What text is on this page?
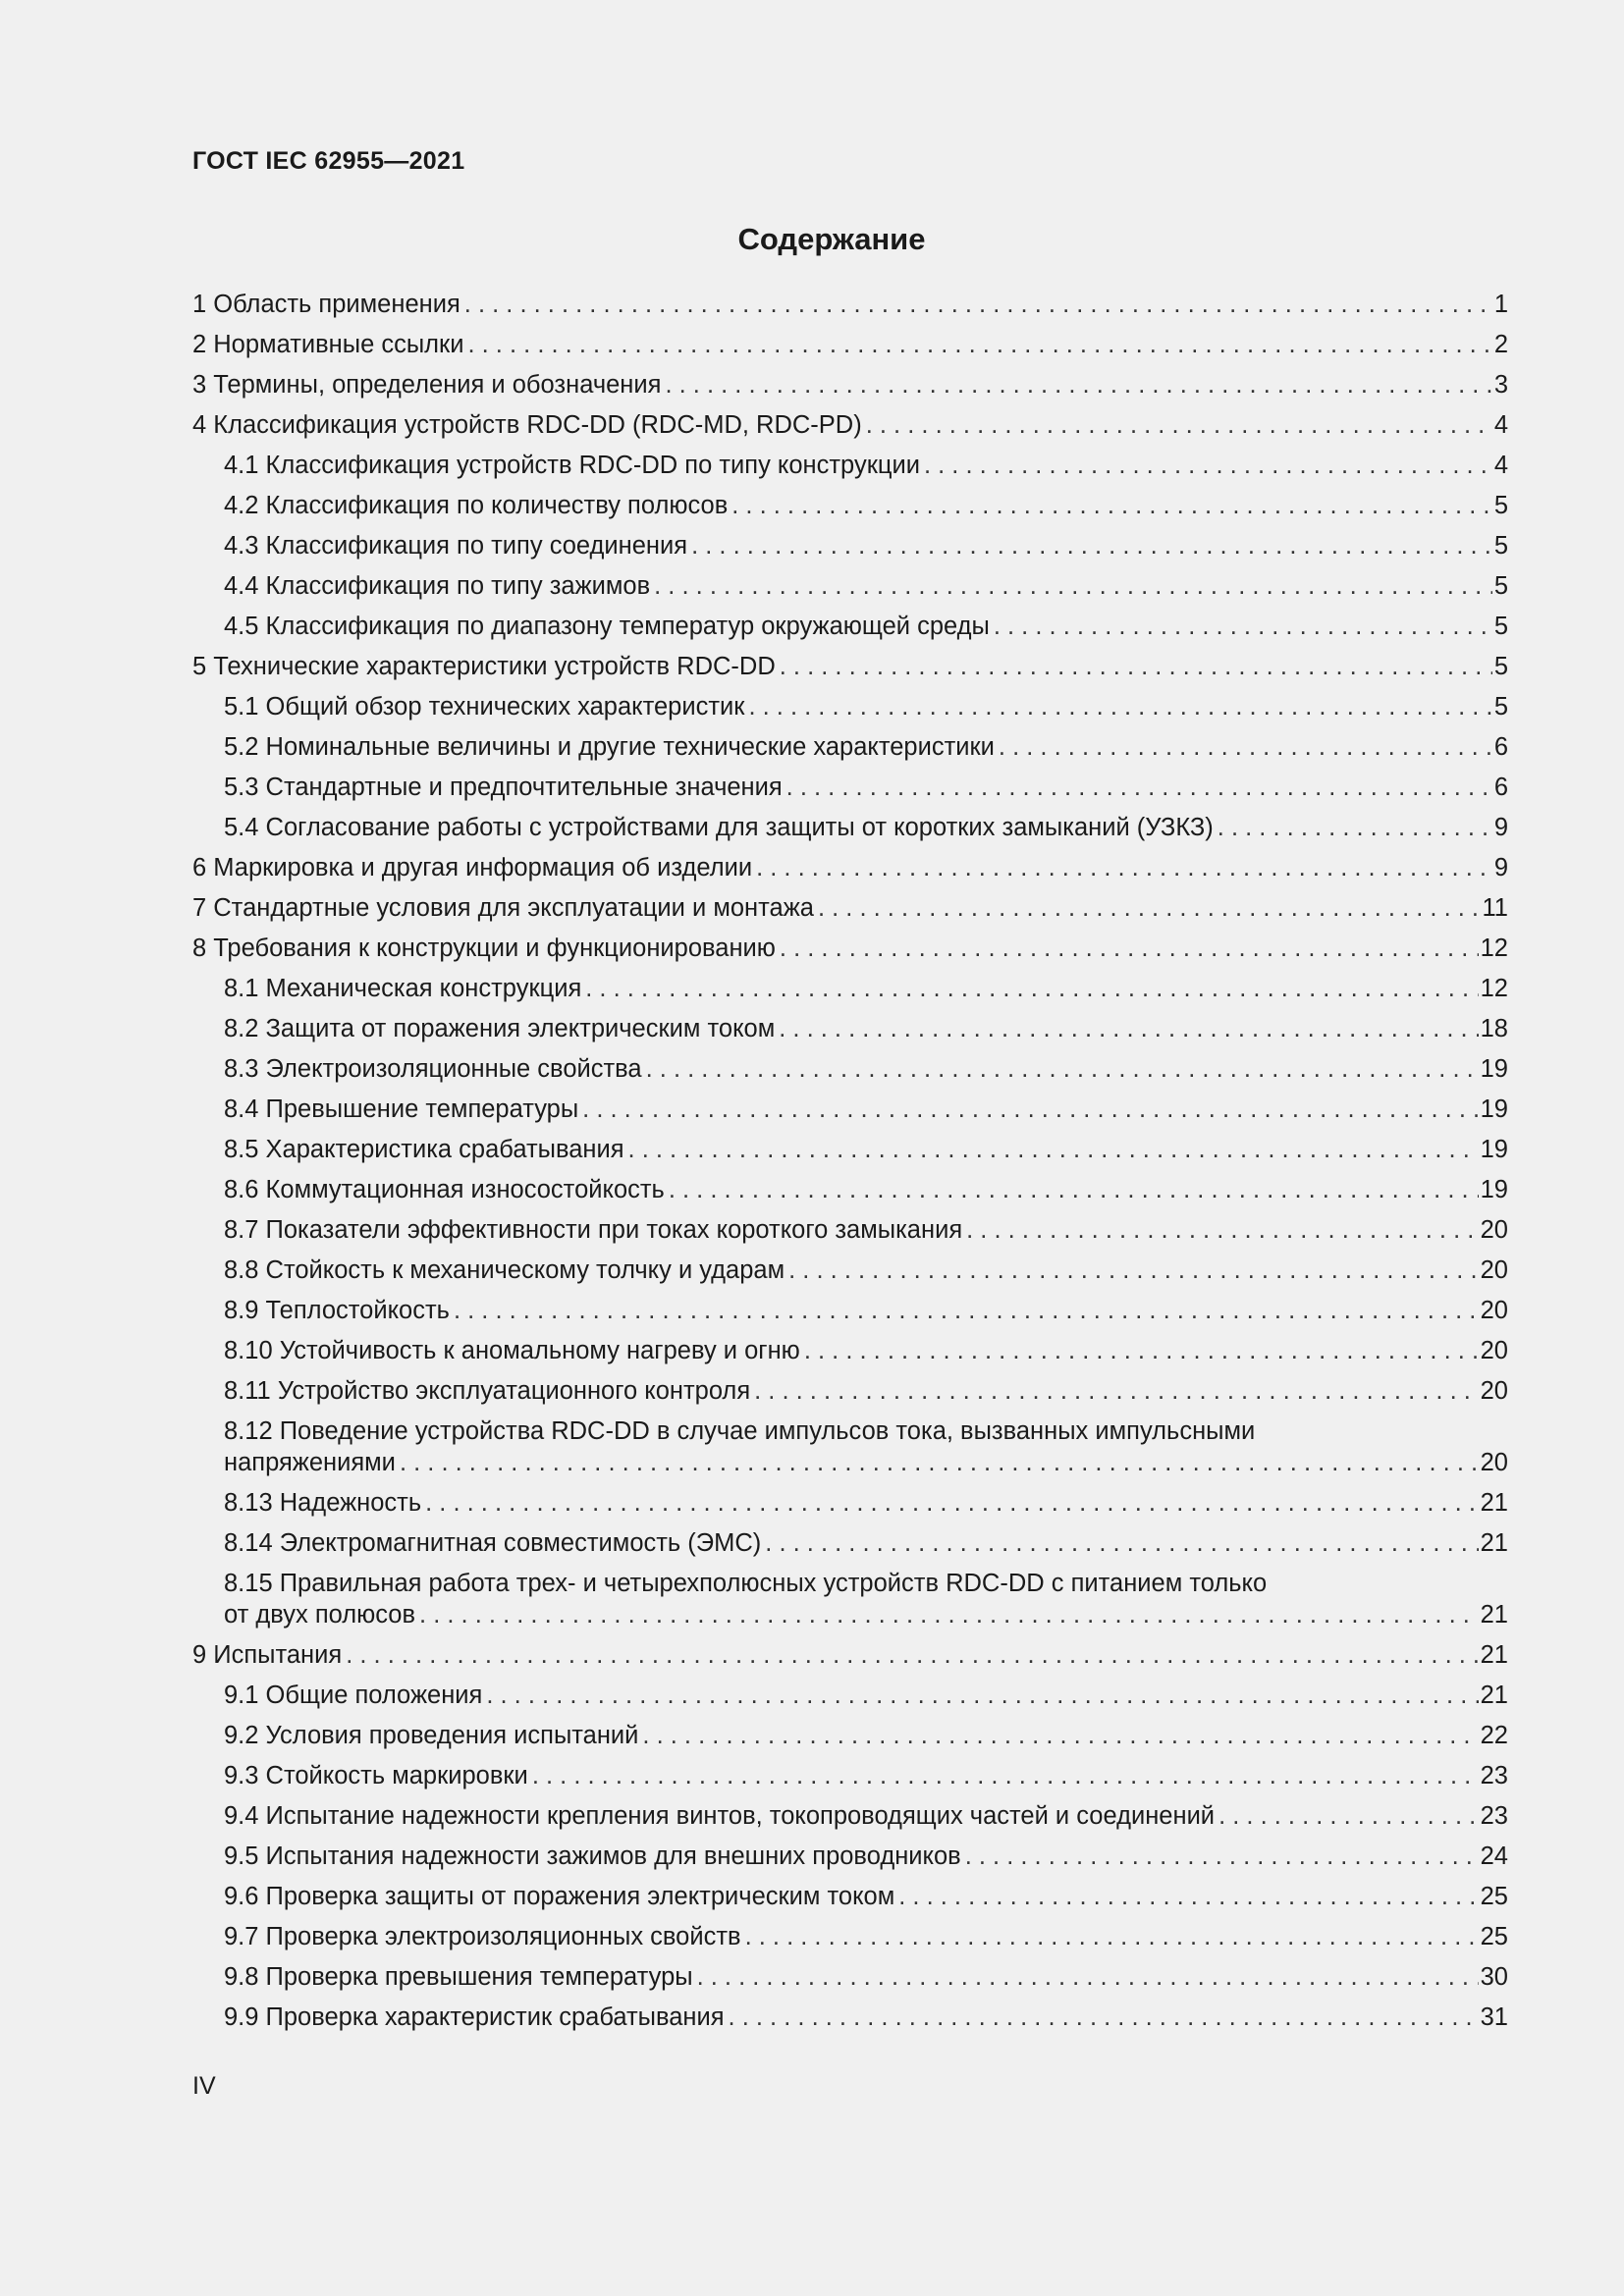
ГОСТ IEC 62955—2021
Содержание
1 Область применения . . .	1
2 Нормативные ссылки . . .	2
3 Термины, определения и обозначения . . .	3
4 Классификация устройств RDC-DD (RDC-MD, RDC-PD) . . .	4
4.1 Классификация устройств RDC-DD по типу конструкции . . .	4
4.2 Классификация по количеству полюсов . . .	5
4.3 Классификация по типу соединения . . .	5
4.4 Классификация по типу зажимов . . .	5
4.5 Классификация по диапазону температур окружающей среды . . .	5
5 Технические характеристики устройств RDC-DD . . .	5
5.1 Общий обзор технических характеристик . . .	5
5.2 Номинальные величины и другие технические характеристики . . .	6
5.3 Стандартные и предпочтительные значения . . .	6
5.4 Согласование работы с устройствами для защиты от коротких замыканий (УЗКЗ) . . .	9
6 Маркировка и другая информация об изделии . . .	9
7 Стандартные условия для эксплуатации и монтажа . . .	11
8 Требования к конструкции и функционированию . . .	12
8.1 Механическая конструкция . . .	12
8.2 Защита от поражения электрическим током . . .	18
8.3 Электроизоляционные свойства . . .	19
8.4 Превышение температуры . . .	19
8.5 Характеристика срабатывания . . .	19
8.6 Коммутационная износостойкость . . .	19
8.7 Показатели эффективности при токах короткого замыкания . . .	20
8.8 Стойкость к механическому толчку и ударам . . .	20
8.9 Теплостойкость . . .	20
8.10 Устойчивость к аномальному нагреву и огню . . .	20
8.11 Устройство эксплуатационного контроля . . .	20
8.12 Поведение устройства RDC-DD в случае импульсов тока, вызванных импульсными
напряжениями . . .	20
8.13 Надежность . . .	21
8.14 Электромагнитная совместимость (ЭМС) . . .	21
8.15 Правильная работа трех- и четырехполюсных устройств RDC-DD с питанием только
от двух полюсов . . .	21
9 Испытания . . .	21
9.1 Общие положения . . .	21
9.2 Условия проведения испытаний . . .	22
9.3 Стойкость маркировки . . .	23
9.4 Испытание надежности крепления винтов, токопроводящих частей и соединений . . .	23
9.5 Испытания надежности зажимов для внешних проводников . . .	24
9.6 Проверка защиты от поражения электрическим током . . .	25
9.7 Проверка электроизоляционных свойств . . .	25
9.8 Проверка превышения температуры . . .	30
9.9 Проверка характеристик срабатывания . . .	31
IV
